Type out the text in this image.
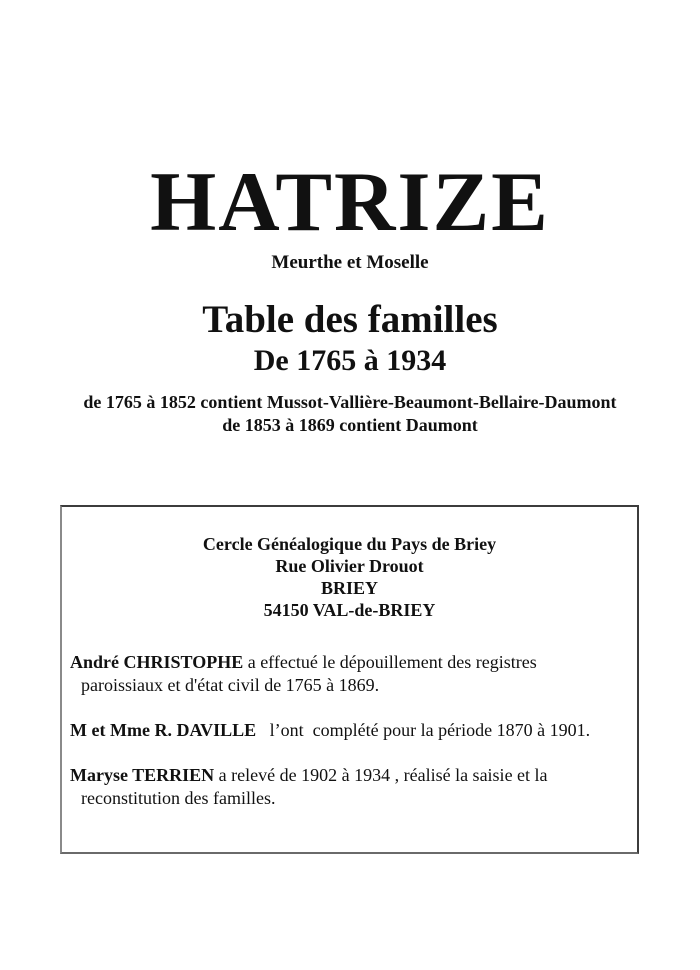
HATRIZE
Meurthe et Moselle
Table des familles
De 1765 à 1934
de 1765 à 1852 contient Mussot-Vallière-Beaumont-Bellaire-Daumont
de 1853 à 1869 contient Daumont
Cercle Généalogique du Pays de Briey
Rue Olivier Drouot
BRIEY
54150 VAL-de-BRIEY
André CHRISTOPHE a effectué le dépouillement des registres
paroissiaux et d'état civil de 1765 à 1869.
M et Mme R. DAVILLE   l’ont  complété pour la période 1870 à 1901.
Maryse TERRIEN a relevé de 1902 à 1934 , réalisé la saisie et la
reconstitution des familles.
